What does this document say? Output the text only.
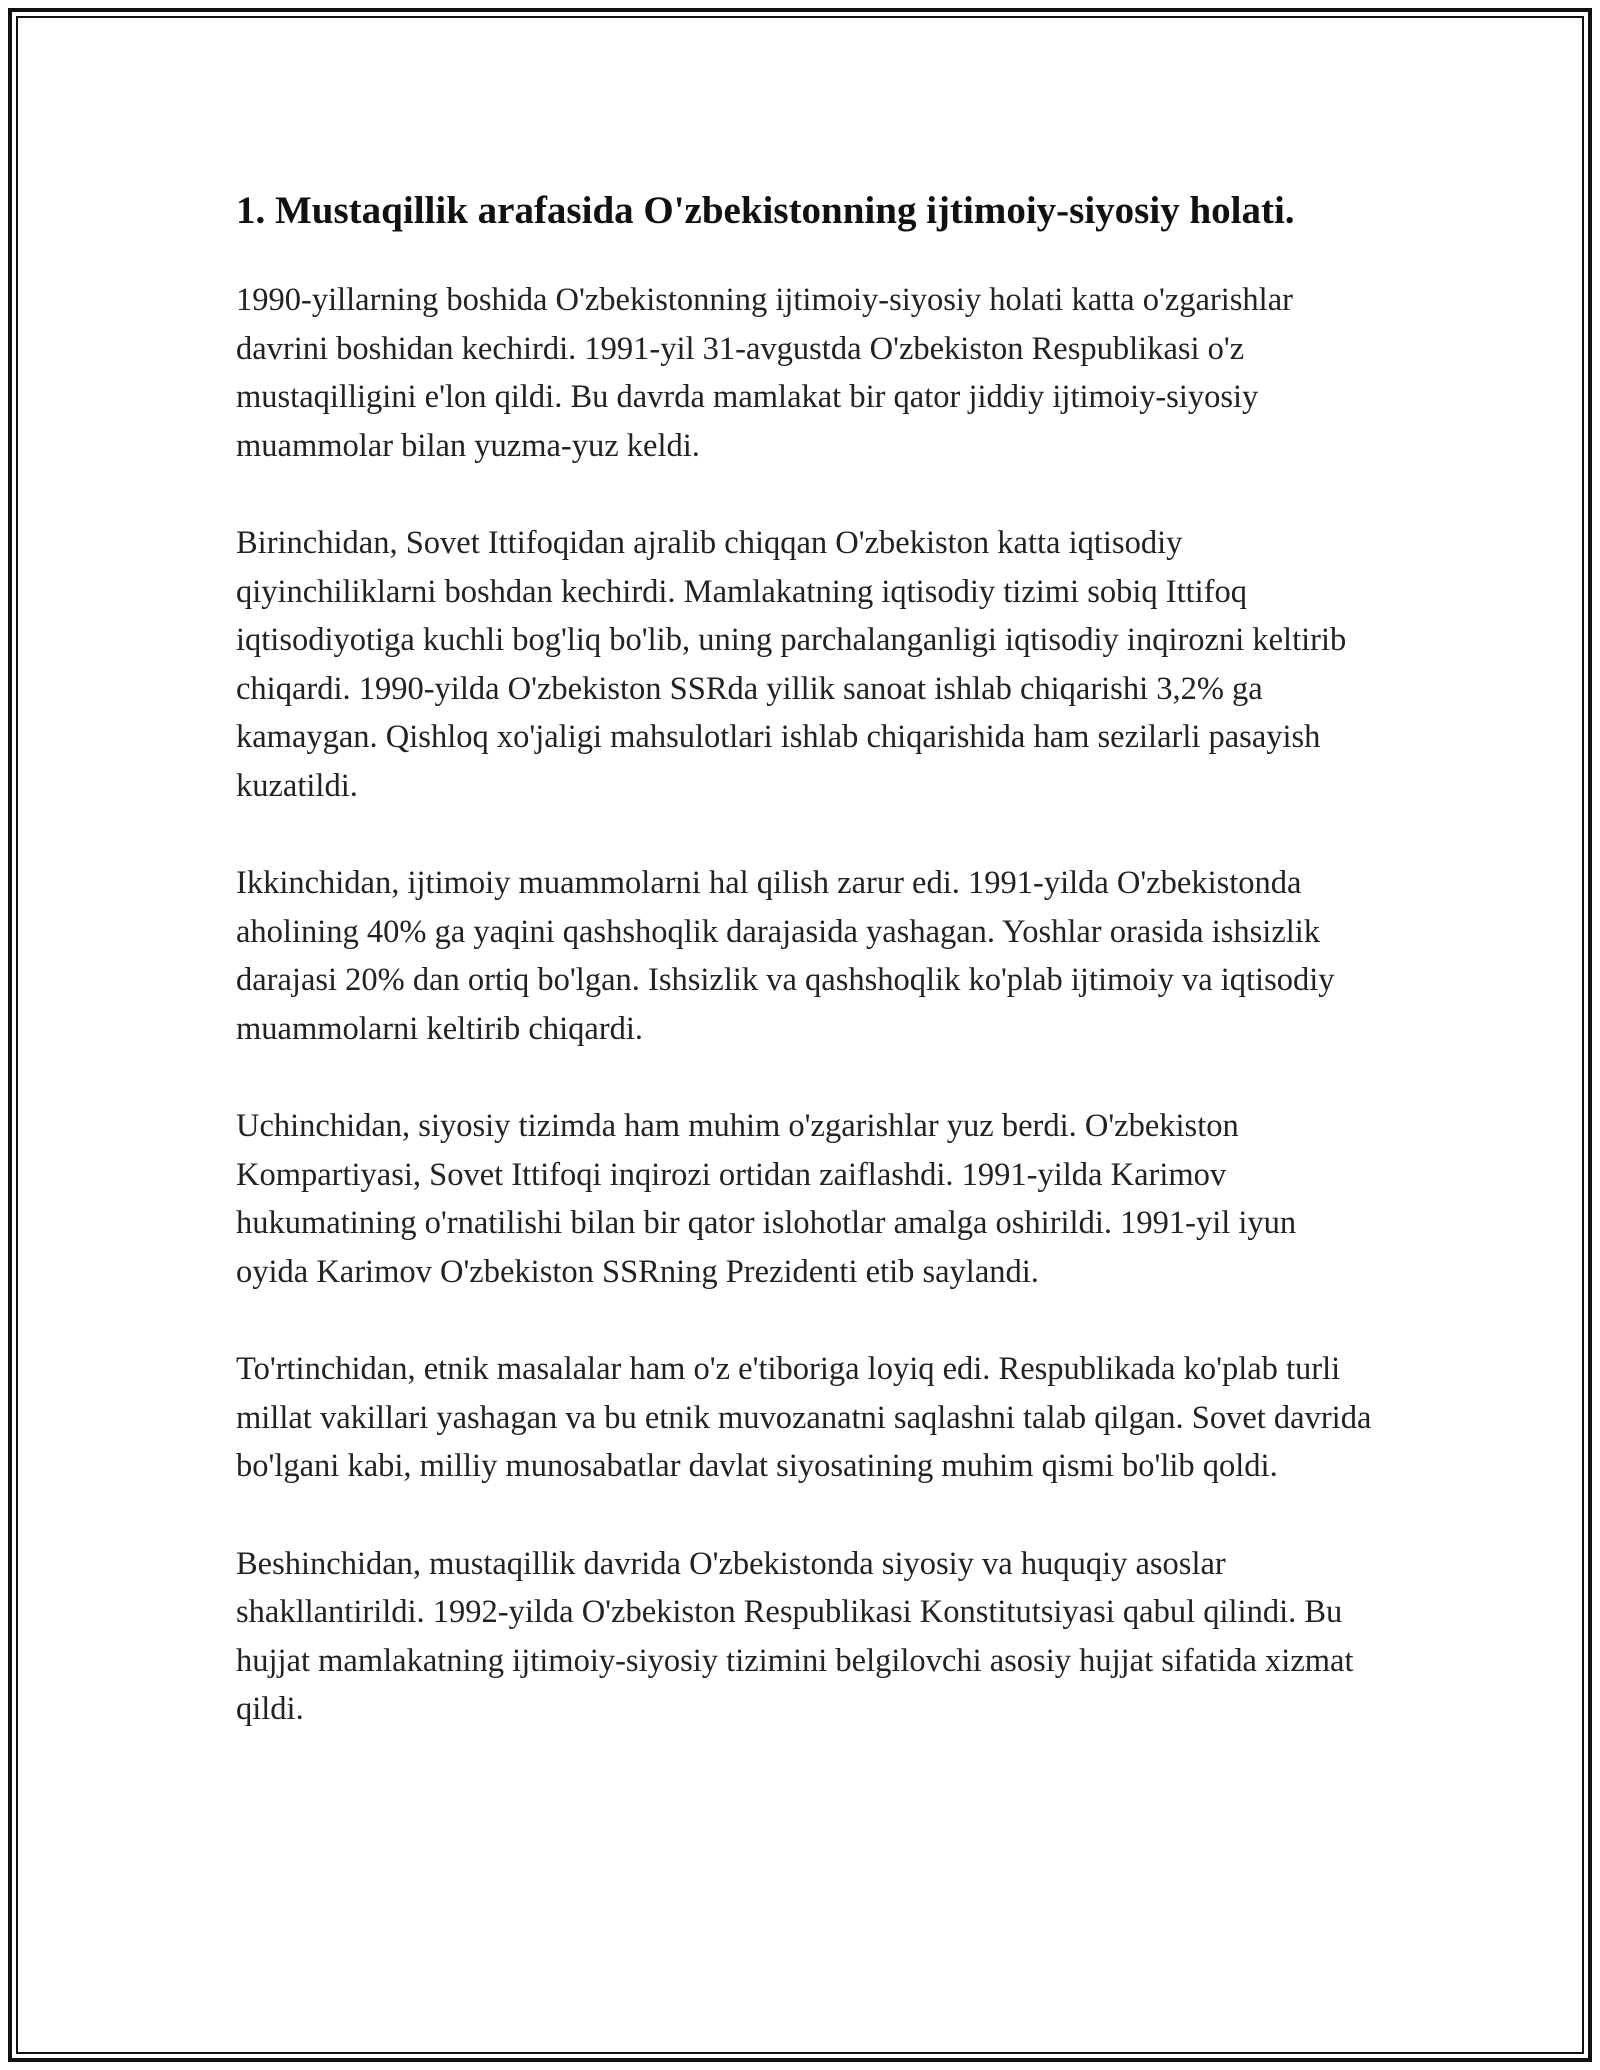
1. Mustaqillik arafasida O'zbekistonning ijtimoiy-siyosiy holati.

1990-yillarning boshida O'zbekistonning ijtimoiy-siyosiy holati katta o'zgarishlar davrini boshidan kechirdi. 1991-yil 31-avgustda O'zbekiston Respublikasi o'z mustaqilligini e'lon qildi. Bu davrda mamlakat bir qator jiddiy ijtimoiy-siyosiy muammolar bilan yuzma-yuz keldi.

Birinchidan, Sovet Ittifoqidan ajralib chiqqan O'zbekiston katta iqtisodiy qiyinchiliklarni boshdan kechirdi. Mamlakatning iqtisodiy tizimi sobiq Ittifoq iqtisodiyotiga kuchli bog'liq bo'lib, uning parchalanganligi iqtisodiy inqirozni keltirib chiqardi. 1990-yilda O'zbekiston SSRda yillik sanoat ishlab chiqarishi 3,2% ga kamaygan. Qishloq xo'jaligi mahsulotlari ishlab chiqarishida ham sezilarli pasayish kuzatildi.

Ikkinchidan, ijtimoiy muammolarni hal qilish zarur edi. 1991-yilda O'zbekistonda aholining 40% ga yaqini qashshoqlik darajasida yashagan. Yoshlar orasida ishsizlik darajasi 20% dan ortiq bo'lgan. Ishsizlik va qashshoqlik ko'plab ijtimoiy va iqtisodiy muammolarni keltirib chiqardi.

Uchinchidan, siyosiy tizimda ham muhim o'zgarishlar yuz berdi. O'zbekiston Kompartiyasi, Sovet Ittifoqi inqirozi ortidan zaiflashdi. 1991-yilda Karimov hukumatining o'rnatilishi bilan bir qator islohotlar amalga oshirildi. 1991-yil iyun oyida Karimov O'zbekiston SSRning Prezidenti etib saylandi.

To'rtinchidan, etnik masalalar ham o'z e'tiboriga loyiq edi. Respublikada ko'plab turli millat vakillari yashagan va bu etnik muvozanatni saqlashni talab qilgan. Sovet davrida bo'lgani kabi, milliy munosabatlar davlat siyosatining muhim qismi bo'lib qoldi.

Beshinchidan, mustaqillik davrida O'zbekistonda siyosiy va huquqiy asoslar shakllantirildi. 1992-yilda O'zbekiston Respublikasi Konstitutsiyasi qabul qilindi. Bu hujjat mamlakatning ijtimoiy-siyosiy tizimini belgilovchi asosiy hujjat sifatida xizmat qildi.
